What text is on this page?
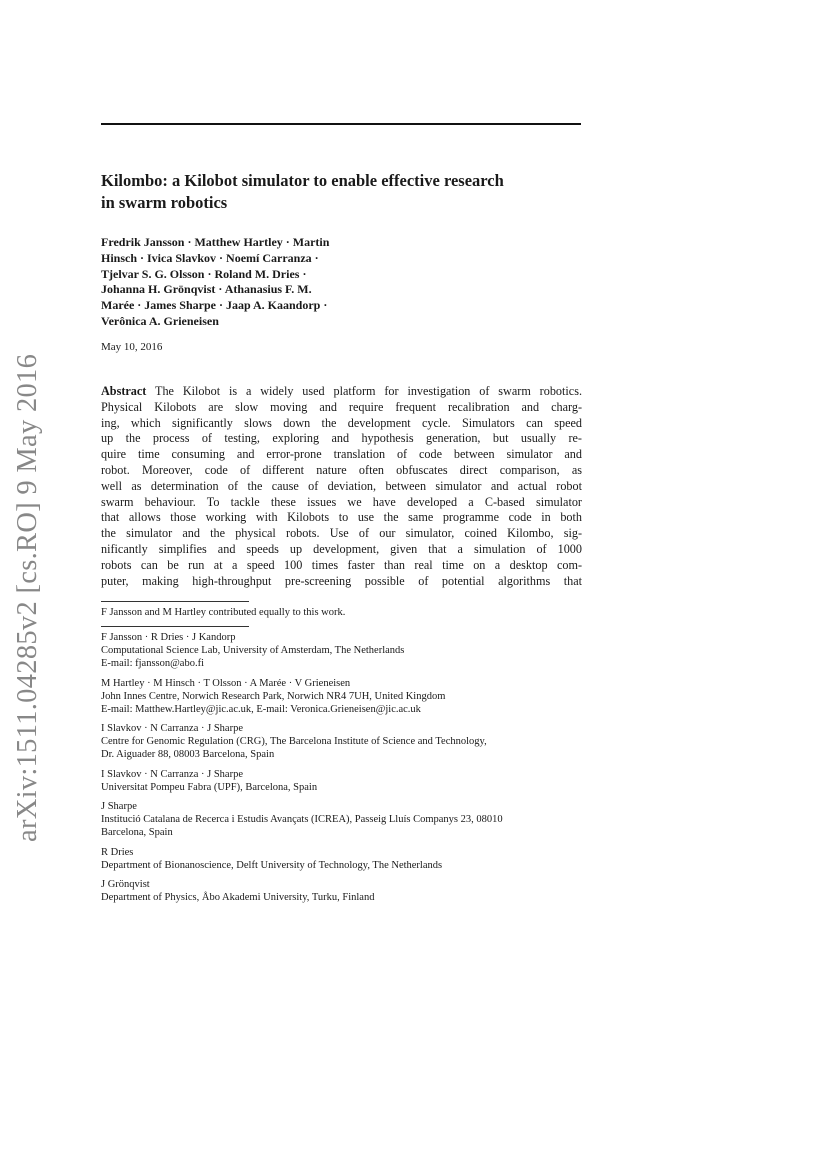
arXiv:1511.04285v2 [cs.RO] 9 May 2016
Kilombo: a Kilobot simulator to enable effective research
in swarm robotics
Fredrik Jansson · Matthew Hartley · Martin
Hinsch · Ivica Slavkov · Noemí Carranza ·
Tjelvar S. G. Olsson · Roland M. Dries ·
Johanna H. Grönqvist · Athanasius F. M.
Marée · James Sharpe · Jaap A. Kaandorp ·
Verônica A. Grieneisen
May 10, 2016
Abstract The Kilobot is a widely used platform for investigation of swarm robotics.
Physical Kilobots are slow moving and require frequent recalibration and charg-
ing, which significantly slows down the development cycle. Simulators can speed
up the process of testing, exploring and hypothesis generation, but usually re-
quire time consuming and error-prone translation of code between simulator and
robot. Moreover, code of different nature often obfuscates direct comparison, as
well as determination of the cause of deviation, between simulator and actual robot
swarm behaviour. To tackle these issues we have developed a C-based simulator
that allows those working with Kilobots to use the same programme code in both
the simulator and the physical robots. Use of our simulator, coined Kilombo, sig-
nificantly simplifies and speeds up development, given that a simulation of 1000
robots can be run at a speed 100 times faster than real time on a desktop com-
puter, making high-throughput pre-screening possible of potential algorithms that
F Jansson and M Hartley contributed equally to this work.
F Jansson · R Dries · J Kandorp
Computational Science Lab, University of Amsterdam, The Netherlands
E-mail: fjansson@abo.fi
M Hartley · M Hinsch · T Olsson · A Marée · V Grieneisen
John Innes Centre, Norwich Research Park, Norwich NR4 7UH, United Kingdom
E-mail: Matthew.Hartley@jic.ac.uk, E-mail: Veronica.Grieneisen@jic.ac.uk
I Slavkov · N Carranza · J Sharpe
Centre for Genomic Regulation (CRG), The Barcelona Institute of Science and Technology,
Dr. Aiguader 88, 08003 Barcelona, Spain
I Slavkov · N Carranza · J Sharpe
Universitat Pompeu Fabra (UPF), Barcelona, Spain
J Sharpe
Institució Catalana de Recerca i Estudis Avançats (ICREA), Passeig Lluís Companys 23, 08010
Barcelona, Spain
R Dries
Department of Bionanoscience, Delft University of Technology, The Netherlands
J Grönqvist
Department of Physics, Åbo Akademi University, Turku, Finland
